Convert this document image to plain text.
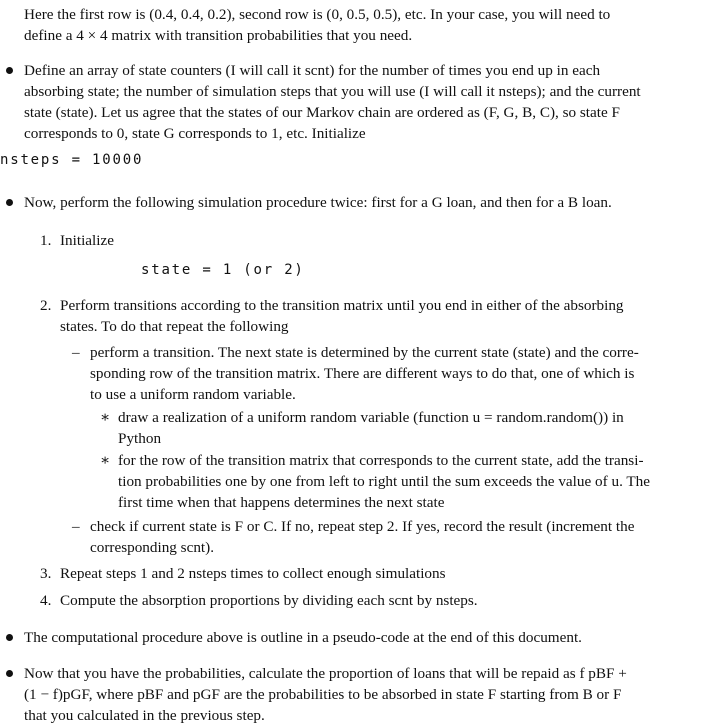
Here the first row is (0.4, 0.4, 0.2), second row is (0, 0.5, 0.5), etc. In your case, you will need to

define a 4 × 4 matrix with transition probabilities that you need.

Define an array of state counters (I will call it scnt) for the number of times you end up in each

absorbing state; the number of simulation steps that you will use (I will call it nsteps); and the current

state (state). Let us agree that the states of our Markov chain are ordered as (F, G, B, C), so state F

corresponds to 0, state G corresponds to 1, etc. Initialize

nsteps = 10000

Now, perform the following simulation procedure twice: first for a G loan, and then for a B loan.

1. Initialize

state = 1 (or 2)
2. Perform transitions according to the transition matrix until you end in either of the absorbing

states. To do that repeat the following

– perform a transition. The next state is determined by the current state (state) and the corre-

sponding row of the transition matrix. There are different ways to do that, one of which is

to use a uniform random variable.

∗ draw a realization of a uniform random variable (function u = random.random()) in

Python

∗ for the row of the transition matrix that corresponds to the current state, add the transi-

tion probabilities one by one from left to right until the sum exceeds the value of u. The

first time when that happens determines the next state

– check if current state is F or C. If no, repeat step 2. If yes, record the result (increment the

corresponding scnt).

3. Repeat steps 1 and 2 nsteps times to collect enough simulations

4. Compute the absorption proportions by dividing each scnt by nsteps.

The computational procedure above is outline in a pseudo-code at the end of this document.

Now that you have the probabilities, calculate the proportion of loans that will be repaid as f pBF +

(1 − f)pGF, where pBF and pGF are the probabilities to be absorbed in state F starting from B or F

that you calculated in the previous step.
